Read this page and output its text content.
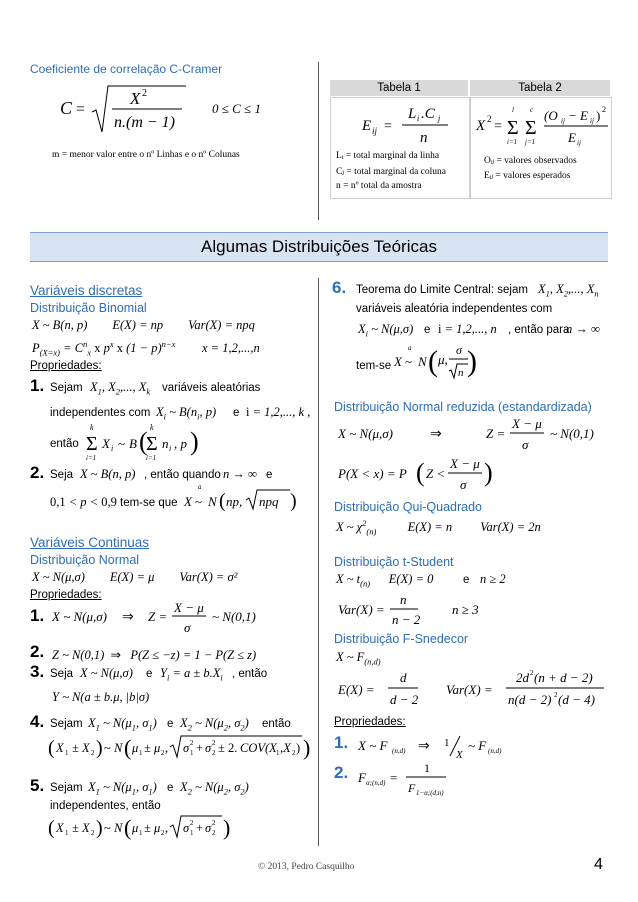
Coeficiente de correlação C-Cramer
C =
X 2
n.(m − 1)
0 ≤ C ≤ 1
m = menor valor entre o nº Linhas e o nº Colunas
Tabela 1	Tabela 2
E ij =
L i .C j
n
X 2 =
l
Σ
i=1
c
Σ
j=1
(O ij − E ij ) 2
E ij
Lᵢ = total marginal da linha
Cⱼ = total marginal da coluna
n = nº total da amostra
Oᵢⱼ = valores observados
Eᵢⱼ = valores esperados
Algumas Distribuições Teóricas
Variáveis discretas
Distribuição Binomial
X ~ B(n, p)        E(X) = np        Var(X) = npq
$P_{(X=x)} = C^n_x$ x $p^x$ x $(1 - p)^{n-x}$ x = 1,2,...,n
Propriedades:
1. Sejam $X_1$, $X_2$,..., $X_k$ variáveis aleatórias
independentes com $X_i$ ~ $B(n_i$, p) e i = 1,2,..., k ,
então
k
Σ
i=1
X i ~ B ( k
Σ
i=1
n i , p )
2. Seja X ~ B(n, p) , então quando n → ∞ e
0,1 < p < 0,9 tem-se que X
a
~ N ( np, npq )
Variáveis Continuas
Distribuição Normal
X ~ N(μ,σ)        E(X) = μ        Var(X) = σ²
Propriedades:
1. X ~ N(μ,σ) ⇒ Z =
X − μ
σ
~ N(0,1)
2. Z ~ N(0,1)  ⇒   P(Z ≤ −z) = 1 − P(Z ≤ z)
3. Seja X ~ N(μ,σ) e $Y_i = a \pm b.X_i$ , então
Y ~ N(a ± b.μ, |b|σ)
4. Sejam $X_1$ ~ $N(\mu_1$, $\sigma_1$) e $X_2$ ~ $N(\mu_2$, $\sigma_2$) então
( X 1 ± X 2 ) ~ N ( μ 1 ± μ 2 , σ 2
1 + σ 2
2 ± 2. COV(X 1 ,X 2 ) )
5. Sejam $X_1$ ~ $N(\mu_1$, $\sigma_1$) e $X_2$ ~ $N(\mu_2$, $\sigma_2$)
independentes, então
( X 1 ± X 2 ) ~ N ( μ 1 ± μ 2 , σ 2
1 + σ 2
2 )
6. Teorema do Limite Central: sejam $X_1$, $X_2$,..., $X_n$
variáveis aleatória independentes com
$X_i$ ~ N(μ,σ) e i = 1,2,..., n , então para
n → ∞
tem-se X
a
~ N ( μ,
σ
n )
Distribuição Normal reduzida (estandardizada)
X ~ N(μ,σ)	⇒	Z =
X − μ
σ
~ N(0,1)
P(X < x) = P ( Z <
X − μ
σ )
Distribuição Qui-Quadrado
X ~ $\chi^2_{(n)}$          E(X) = n         Var(X) = 2n
Distribuição t-Student
X ~ $t_{(n)}$      E(X) = 0	e n ≥ 2
Var(X) =
n
n − 2
n ≥ 3
Distribuição F-Snedecor
X ~ $F_{(n,d)}$
E(X) =
d
d − 2
Var(X) =
2d 2 (n + d − 2)
n(d − 2) 2 (d − 4)
Propriedades:
1. X ~ F (n,d) ⇒ 1
X
~ F (n,d)
2. F α;(n,d) =
1
F 1−α;(d,n)
© 2013, Pedro Casquilho	4
